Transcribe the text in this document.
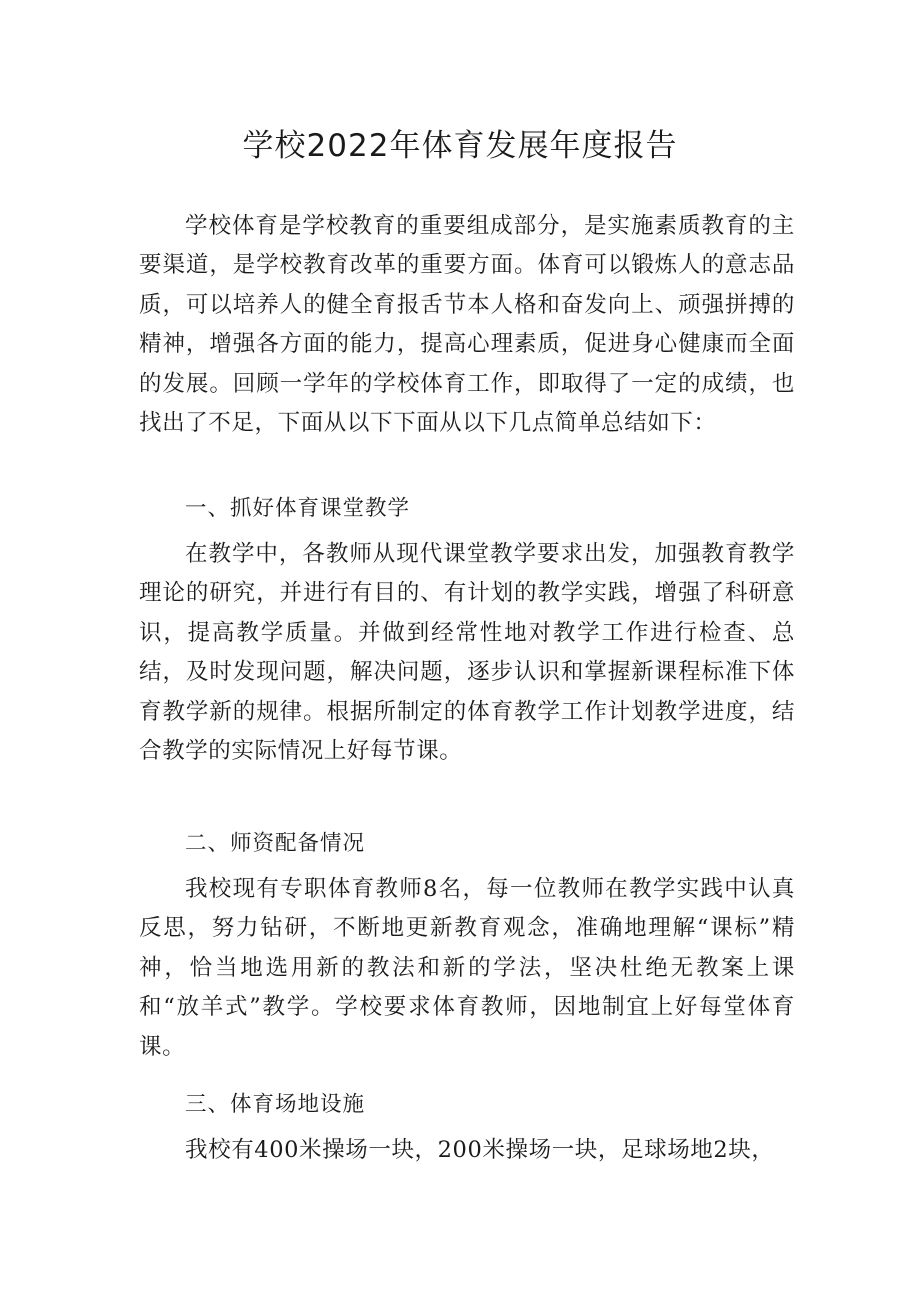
学校2022年体育发展年度报告

学校体育是学校教育的重要组成部分，是实施素质教育的主要渠道，是学校教育改革的重要方面。体育可以锻炼人的意志品质，可以培养人的健全育报舌节本人格和奋发向上、顽强拼搏的精神，增强各方面的能力，提高心理素质，促进身心健康而全面的发展。回顾一学年的学校体育工作，即取得了一定的成绩，也找出了不足，下面从以下下面从以下几点简单总结如下：

一、抓好体育课堂教学

在教学中，各教师从现代课堂教学要求出发，加强教育教学理论的研究，并进行有目的、有计划的教学实践，增强了科研意识，提高教学质量。并做到经常性地对教学工作进行检查、总结，及时发现问题，解决问题，逐步认识和掌握新课程标准下体育教学新的规律。根据所制定的体育教学工作计划教学进度，结合教学的实际情况上好每节课。

二、师资配备情况

我校现有专职体育教师8名，每一位教师在教学实践中认真反思，努力钻研，不断地更新教育观念，准确地理解“课标”精神，恰当地选用新的教法和新的学法，坚决杜绝无教案上课和“放羊式”教学。学校要求体育教师，因地制宜上好每堂体育课。

三、体育场地设施

我校有400米操场一块，200米操场一块，足球场地2块，
